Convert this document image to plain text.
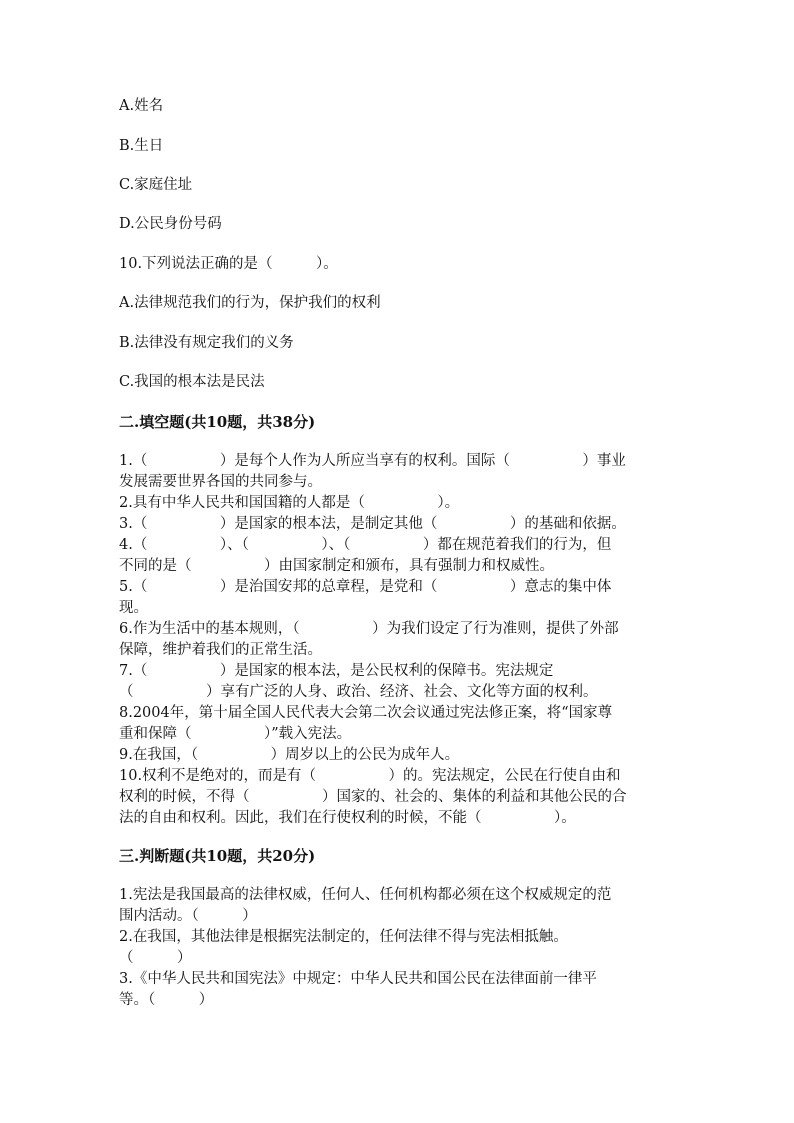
A.姓名
B.生日
C.家庭住址
D.公民身份号码
10.下列说法正确的是（　　　）。
A.法律规范我们的行为，保护我们的权利
B.法律没有规定我们的义务
C.我国的根本法是民法
二.填空题(共10题，共38分)
1.（　　　　　）是每个人作为人所应当享有的权利。国际（　　　　　）事业
发展需要世界各国的共同参与。
2.具有中华人民共和国国籍的人都是（　　　　　）。
3.（　　　　　）是国家的根本法，是制定其他（　　　　　）的基础和依据。
4.（　　　　　）、（　　　　　）、（　　　　　）都在规范着我们的行为，但
不同的是（　　　　　）由国家制定和颁布，具有强制力和权威性。
5.（　　　　　）是治国安邦的总章程，是党和（　　　　　）意志的集中体
现。
6.作为生活中的基本规则，（　　　　　）为我们设定了行为准则，提供了外部
保障，维护着我们的正常生活。
7.（　　　　　）是国家的根本法，是公民权利的保障书。宪法规定
（　　　　　）享有广泛的人身、政治、经济、社会、文化等方面的权利。
8.2004年，第十届全国人民代表大会第二次会议通过宪法修正案，将“国家尊
重和保障（　　　　　）”载入宪法。
9.在我国，（　　　　　）周岁以上的公民为成年人。
10.权利不是绝对的，而是有（　　　　　）的。宪法规定，公民在行使自由和
权利的时候，不得（　　　　　）国家的、社会的、集体的利益和其他公民的合
法的自由和权利。因此，我们在行使权利的时候，不能（　　　　　）。
三.判断题(共10题，共20分)
1.宪法是我国最高的法律权威，任何人、任何机构都必须在这个权威规定的范
围内活动。（　　　）
2.在我国，其他法律是根据宪法制定的，任何法律不得与宪法相抵触。
（　　　）
3.《中华人民共和国宪法》中规定：中华人民共和国公民在法律面前一律平
等。（　　　）
